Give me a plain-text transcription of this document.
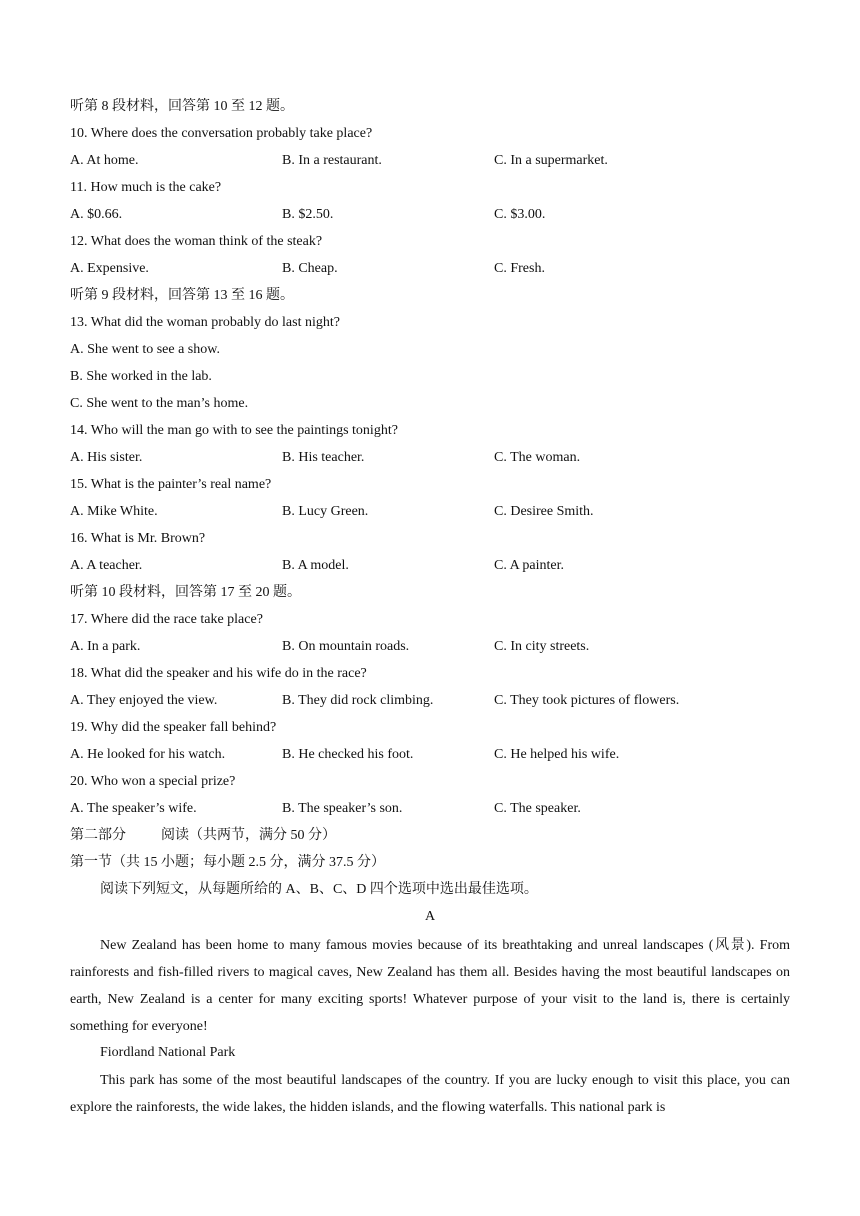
听第 8 段材料，回答第 10 至 12 题。
10. Where does the conversation probably take place?
A. At home.	B. In a restaurant.	C. In a supermarket.
11. How much is the cake?
A. $0.66.	B. $2.50.	C. $3.00.
12. What does the woman think of the steak?
A. Expensive.	B. Cheap.	C. Fresh.
听第 9 段材料，回答第 13 至 16 题。
13. What did the woman probably do last night?
A. She went to see a show.
B. She worked in the lab.
C. She went to the man’s home.
14. Who will the man go with to see the paintings tonight?
A. His sister.	B. His teacher.	C. The woman.
15. What is the painter’s real name?
A. Mike White.	B. Lucy Green.	C. Desiree Smith.
16. What is Mr. Brown?
A. A teacher.	B. A model.	C. A painter.
听第 10 段材料，回答第 17 至 20 题。
17. Where did the race take place?
A. In a park.	B. On mountain roads.	C. In city streets.
18. What did the speaker and his wife do in the race?
A. They enjoyed the view.	B. They did rock climbing.	C. They took pictures of flowers.
19. Why did the speaker fall behind?
A. He looked for his watch.	B. He checked his foot.	C. He helped his wife.
20. Who won a special prize?
A. The speaker’s wife.	B. The speaker’s son.	C. The speaker.
第二部分	阅读（共两节，满分 50 分）
第一节（共 15 小题；每小题 2.5 分，满分 37.5 分）
阅读下列短文，从每题所给的 A、B、C、D 四个选项中选出最佳选项。
A
New Zealand has been home to many famous movies because of its breathtaking and unreal landscapes (风景). From rainforests and fish-filled rivers to magical caves, New Zealand has them all. Besides having the most beautiful landscapes on earth, New Zealand is a center for many exciting sports! Whatever purpose of your visit to the land is, there is certainly something for everyone!
Fiordland National Park
This park has some of the most beautiful landscapes of the country. If you are lucky enough to visit this place, you can explore the rainforests, the wide lakes, the hidden islands, and the flowing waterfalls. This national park is
